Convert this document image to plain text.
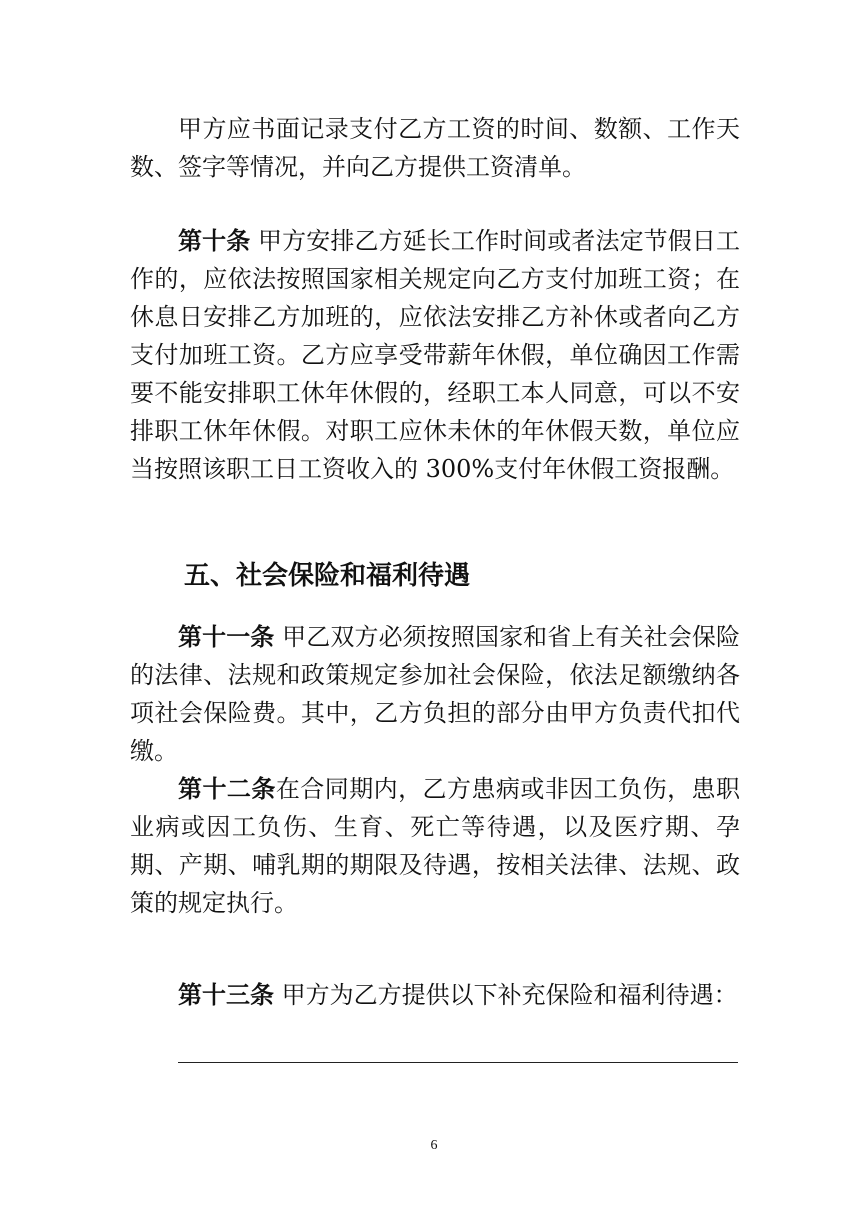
甲方应书面记录支付乙方工资的时间、数额、工作天数、签字等情况，并向乙方提供工资清单。

第十条 甲方安排乙方延长工作时间或者法定节假日工作的，应依法按照国家相关规定向乙方支付加班工资；在休息日安排乙方加班的，应依法安排乙方补休或者向乙方支付加班工资。乙方应享受带薪年休假，单位确因工作需要不能安排职工休年休假的，经职工本人同意，可以不安排职工休年休假。对职工应休未休的年休假天数，单位应当按照该职工日工资收入的 300%支付年休假工资报酬。

五、社会保险和福利待遇

第十一条 甲乙双方必须按照国家和省上有关社会保险的法律、法规和政策规定参加社会保险，依法足额缴纳各项社会保险费。其中，乙方负担的部分由甲方负责代扣代缴。

第十二条在合同期内，乙方患病或非因工负伤，患职业病或因工负伤、生育、死亡等待遇，以及医疗期、孕期、产期、哺乳期的期限及待遇，按相关法律、法规、政策的规定执行。

第十三条 甲方为乙方提供以下补充保险和福利待遇：

6
